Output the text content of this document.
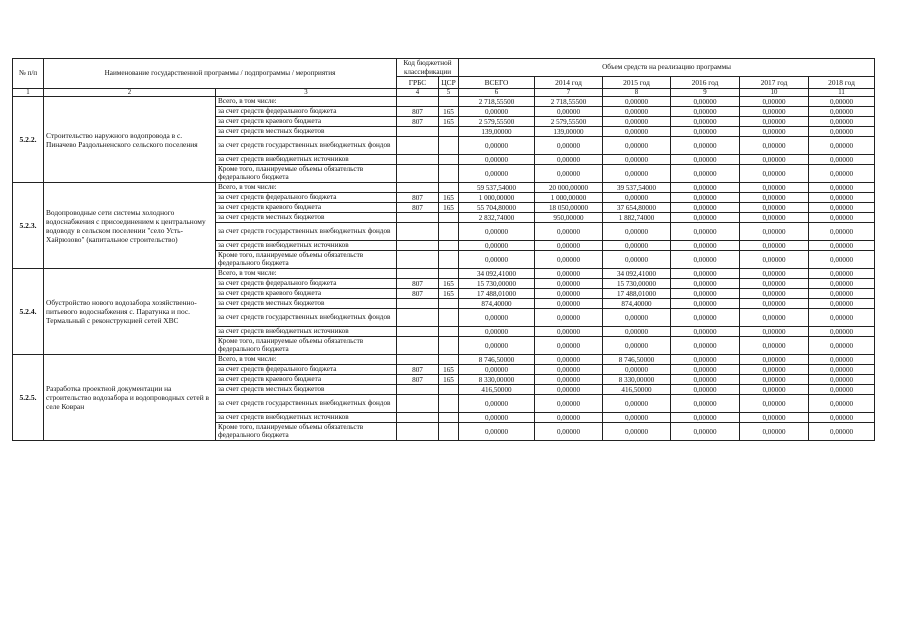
№ п/п	Наименование государственной программы / подпрограммы / мероприятия		Код бюджетной классификации		Объем средств на реализацию программы					
			ГРБС	ЦСР	ВСЕГО	2014 год	2015 год	2016 год	2017 год	2018 год
1	2	3	4	5	6	7	8	9	10	11
5.2.2.	Строительство наружного водопровода в с. Пиначево Раздольненского сельского поселения	Всего, в том числе:			2 718,55500	2 718,55500	0,00000	0,00000	0,00000	0,00000
		за счет средств федерального бюджета	807	165	0,00000	0,00000	0,00000	0,00000	0,00000	0,00000
		за счет средств краевого бюджета	807	165	2 579,55500	2 579,55500	0,00000	0,00000	0,00000	0,00000
		за счет средств местных бюджетов			139,00000	139,00000	0,00000	0,00000	0,00000	0,00000
		за счет средств государственных внебюджетных фондов			0,00000	0,00000	0,00000	0,00000	0,00000	0,00000
		за счет средств внебюджетных источников			0,00000	0,00000	0,00000	0,00000	0,00000	0,00000
		Кроме того, планируемые объемы обязательств федерального бюджета			0,00000	0,00000	0,00000	0,00000	0,00000	0,00000
5.2.3.	Водопроводные сети системы холодного водоснабжения с присоединением к центральному водоводу в сельском поселении "село Усть-Хайрюзово" (капитальное строительство)	Всего, в том числе:			59 537,54000	20 000,00000	39 537,54000	0,00000	0,00000	0,00000
		за счет средств федерального бюджета	807	165	1 000,00000	1 000,00000	0,00000	0,00000	0,00000	0,00000
		за счет средств краевого бюджета	807	165	55 704,80000	18 050,00000	37 654,80000	0,00000	0,00000	0,00000
		за счет средств местных бюджетов			2 832,74000	950,00000	1 882,74000	0,00000	0,00000	0,00000
		за счет средств государственных внебюджетных фондов			0,00000	0,00000	0,00000	0,00000	0,00000	0,00000
		за счет средств внебюджетных источников			0,00000	0,00000	0,00000	0,00000	0,00000	0,00000
		Кроме того, планируемые объемы обязательств федерального бюджета			0,00000	0,00000	0,00000	0,00000	0,00000	0,00000
5.2.4.	Обустройство нового водозабора хозяйственно-питьевого водоснабжения с. Паратунка и пос. Термальный с реконструкцией сетей ХВС	Всего, в том числе:			34 092,41000	0,00000	34 092,41000	0,00000	0,00000	0,00000
		за счет средств федерального бюджета	807	165	15 730,00000	0,00000	15 730,00000	0,00000	0,00000	0,00000
		за счет средств краевого бюджета	807	165	17 488,01000	0,00000	17 488,01000	0,00000	0,00000	0,00000
		за счет средств местных бюджетов			874,40000	0,00000	874,40000	0,00000	0,00000	0,00000
		за счет средств государственных внебюджетных фондов			0,00000	0,00000	0,00000	0,00000	0,00000	0,00000
		за счет средств внебюджетных источников			0,00000	0,00000	0,00000	0,00000	0,00000	0,00000
		Кроме того, планируемые объемы обязательств федерального бюджета			0,00000	0,00000	0,00000	0,00000	0,00000	0,00000
5.2.5.	Разработка проектной документации на строительство водозабора и водопроводных сетей в селе Ковран	Всего, в том числе:			8 746,50000	0,00000	8 746,50000	0,00000	0,00000	0,00000
		за счет средств федерального бюджета	807	165	0,00000	0,00000	0,00000	0,00000	0,00000	0,00000
		за счет средств краевого бюджета	807	165	8 330,00000	0,00000	8 330,00000	0,00000	0,00000	0,00000
		за счет средств местных бюджетов			416,50000	0,00000	416,50000	0,00000	0,00000	0,00000
		за счет средств государственных внебюджетных фондов			0,00000	0,00000	0,00000	0,00000	0,00000	0,00000
		за счет средств внебюджетных источников			0,00000	0,00000	0,00000	0,00000	0,00000	0,00000
		Кроме того, планируемые объемы обязательств федерального бюджета			0,00000	0,00000	0,00000	0,00000	0,00000	0,00000
